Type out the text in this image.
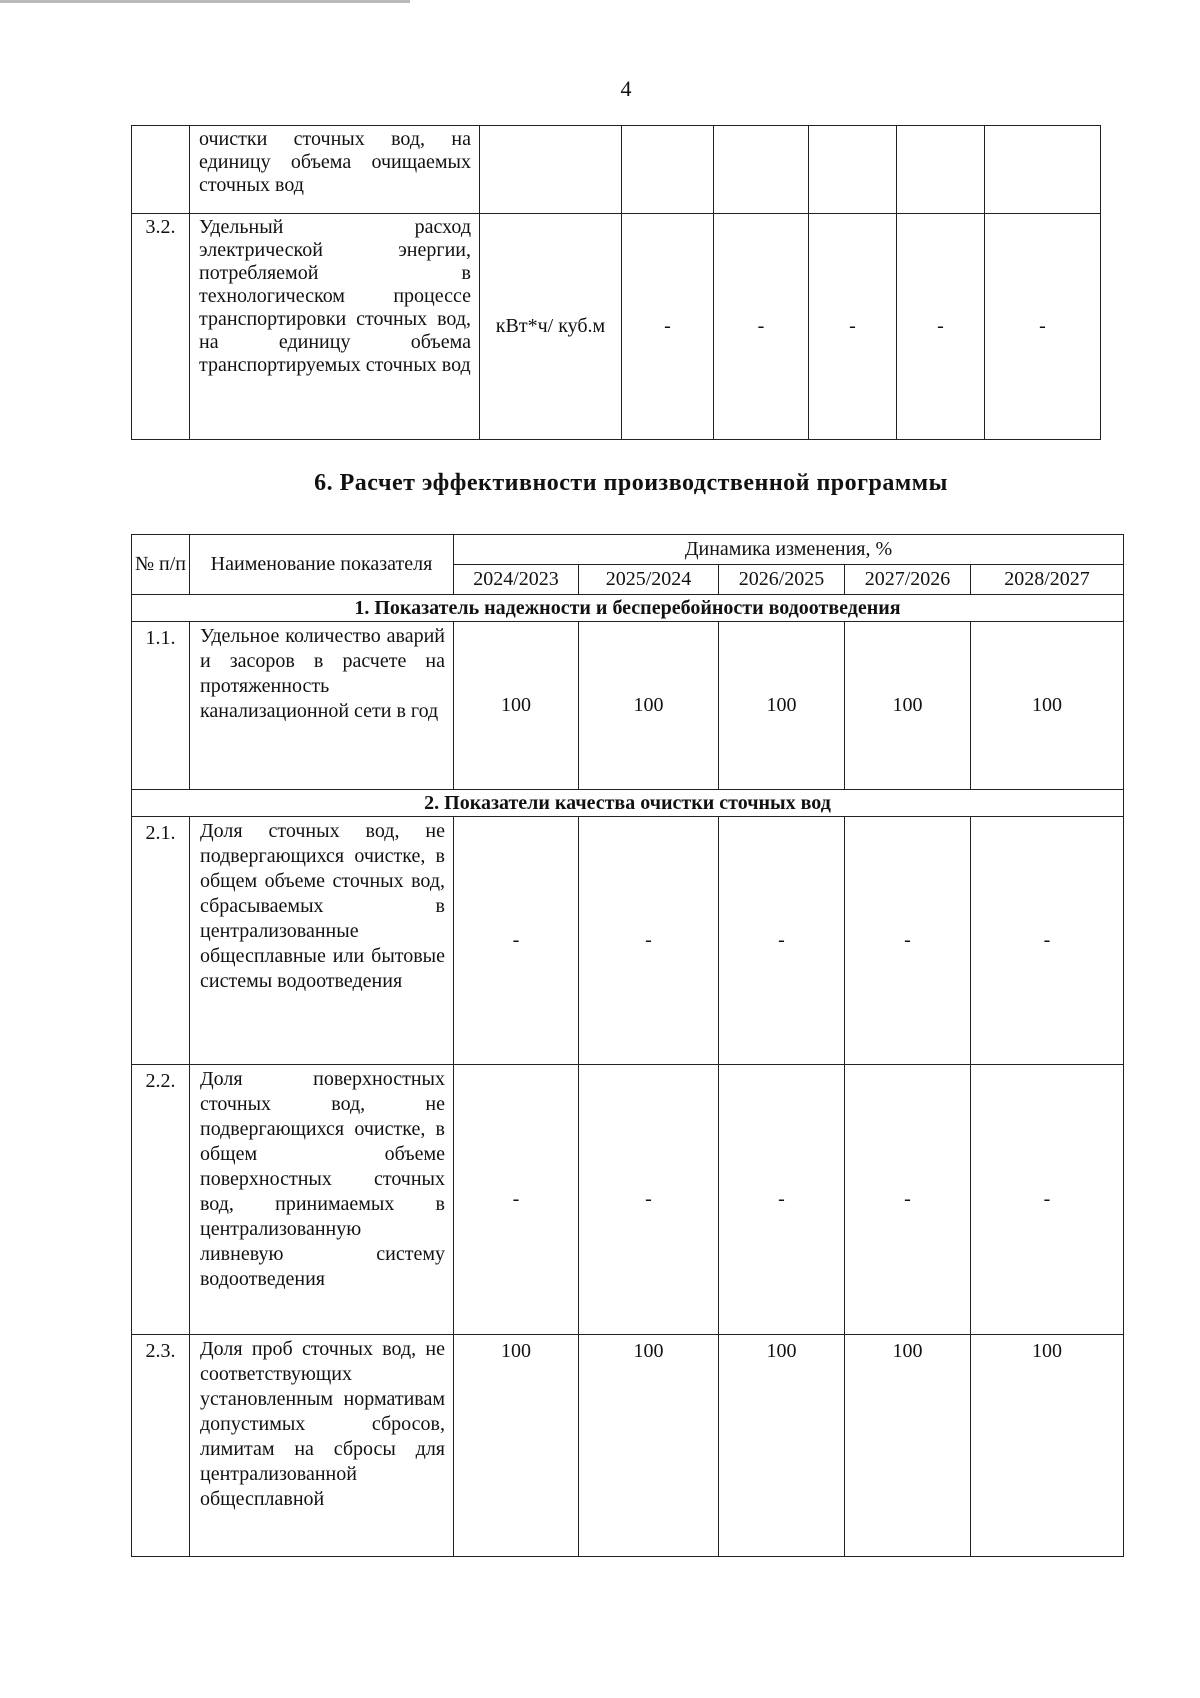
4
	очистки сточных вод, на единицу объема очищаемых сточных вод						
3.2.	Удельный расход электрической энергии, потребляемой в технологическом процессе транспортировки сточных вод, на единицу объема транспортируемых сточных вод	кВт*ч/ куб.м	-	-	-	-	-
6. Расчет эффективности производственной программы
№ п/п	Наименование показателя	Динамика изменения, %				
		2024/2023	2025/2024	2026/2025	2027/2026	2028/2027
1. Показатель надежности и бесперебойности водоотведения						
1.1.	Удельное количество аварий и засоров в расчете на протяженность канализационной сети в год	100	100	100	100	100
2. Показатели качества очистки сточных вод						
2.1.	Доля сточных вод, не подвергающихся очистке, в общем объеме сточных вод, сбрасываемых в централизованные общесплавные или бытовые системы водоотведения	-	-	-	-	-
2.2.	Доля поверхностных сточных вод, не подвергающихся очистке, в общем объеме поверхностных сточных вод, принимаемых в централизованную ливневую систему водоотведения	-	-	-	-	-
2.3.	Доля проб сточных вод, не соответствующих установленным нормативам допустимых сбросов, лимитам на сбросы для централизованной общесплавной	100	100	100	100	100
